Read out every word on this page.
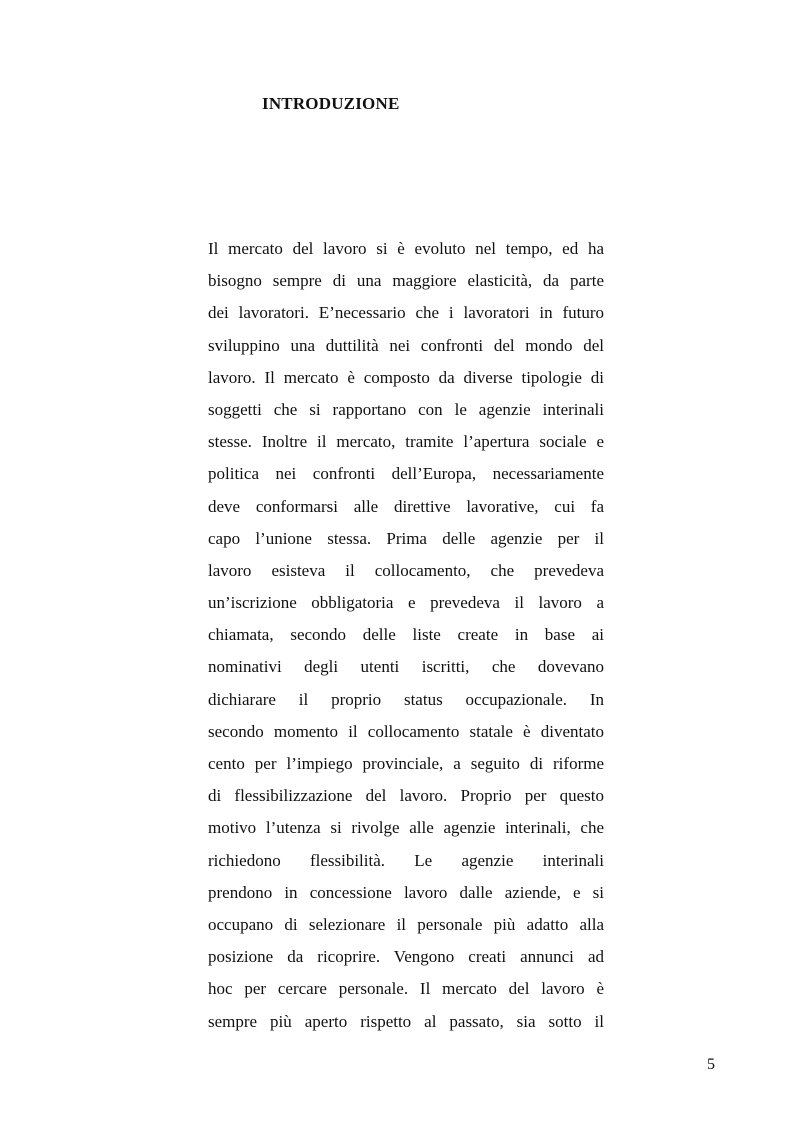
INTRODUZIONE
Il mercato del lavoro si è evoluto nel tempo, ed ha
bisogno sempre di una maggiore elasticità, da parte
dei lavoratori. E’necessario che i lavoratori in futuro
sviluppino una duttilità nei confronti del mondo del
lavoro. Il mercato è composto da diverse tipologie di
soggetti che si rapportano con le agenzie interinali
stesse. Inoltre il mercato, tramite l’apertura sociale e
politica nei confronti dell’Europa, necessariamente
deve conformarsi alle direttive lavorative, cui fa
capo l’unione stessa. Prima delle agenzie per il
lavoro esisteva il collocamento, che prevedeva
un’iscrizione obbligatoria e prevedeva il lavoro a
chiamata, secondo delle liste create in base ai
nominativi degli utenti iscritti, che dovevano
dichiarare il proprio status occupazionale. In
secondo momento il collocamento statale è diventato
cento per l’impiego provinciale, a seguito di riforme
di flessibilizzazione del lavoro. Proprio per questo
motivo l’utenza si rivolge alle agenzie interinali, che
richiedono flessibilità. Le agenzie interinali
prendono in concessione lavoro dalle aziende, e si
occupano di selezionare il personale più adatto alla
posizione da ricoprire. Vengono creati annunci ad
hoc per cercare personale. Il mercato del lavoro è
sempre più aperto rispetto al passato, sia sotto il
5
